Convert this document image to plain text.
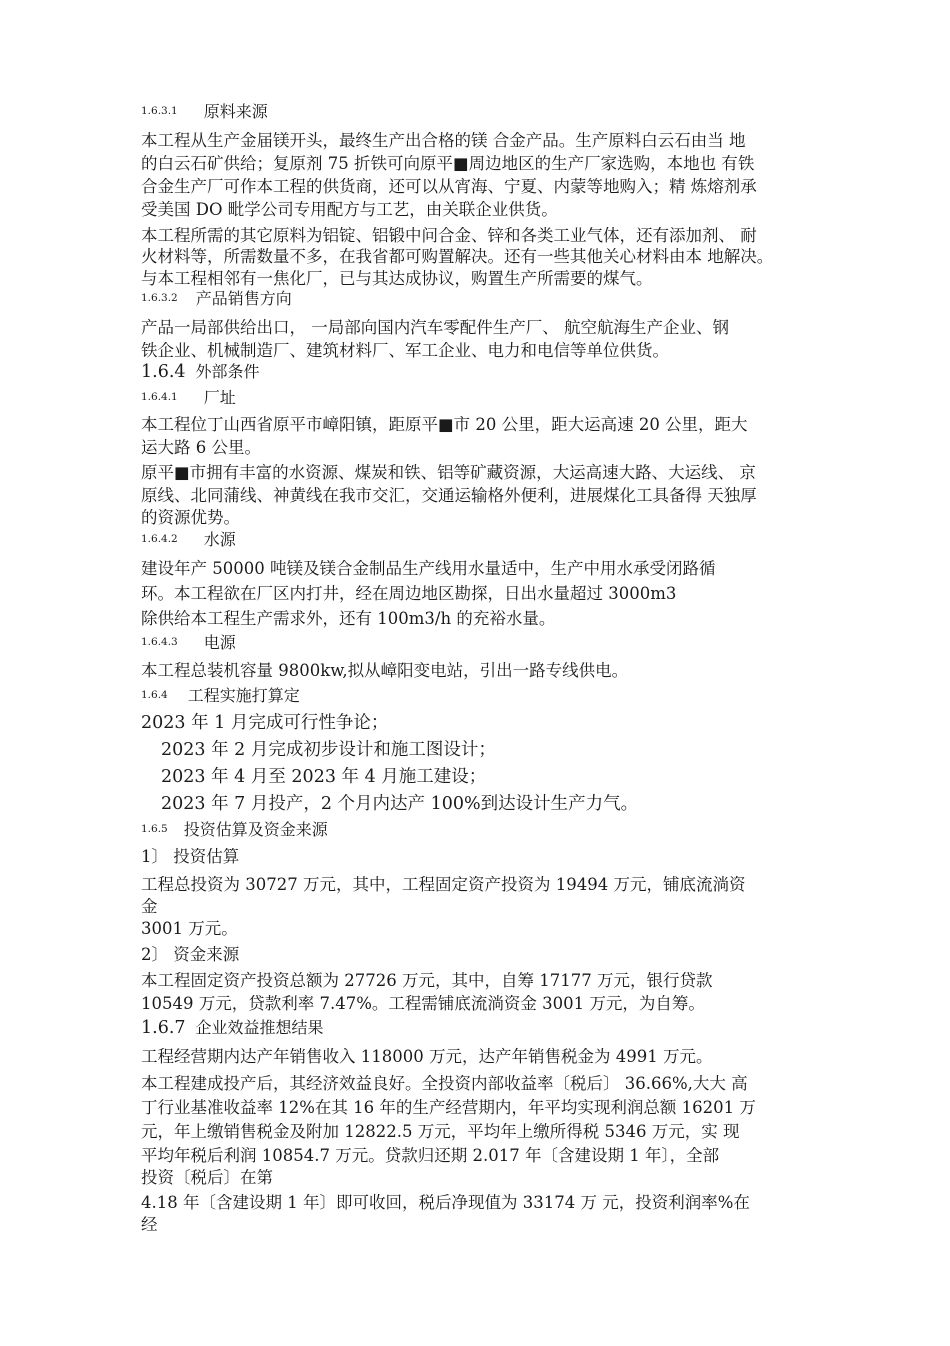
1.6.3.1 原料来源
本工程从生产金届镁开头，最终生产出合格的镁 合金产品。生产原料白云石由当 地
的白云石矿供给；复原剂 75 折铁可向原平■周边地区的生产厂家选购，本地也 有铁
合金生产厂可作本工程的供货商，还可以从宵海、宁夏、内蒙等地购入；精 炼熔剂承
受美国 DO 毗学公司专用配方与工艺，由关联企业供货。
本工程所需的其它原料为铝锭、铝锻中问合金、锌和各类工业气体，还有添加剂、 耐
火材料等，所需数量不多，在我省都可购置解决。还有一些其他关心材料由本 地解决。
与本工程相邻有一焦化厂，已与其达成协议，购置生产所需要的煤气。
1.6.3.2 产品销售方向
产品一局部供给出口， 一局部向国内汽车零配件生产厂、 航空航海生产企业、钢
铁企业、机械制造厂、建筑材料厂、军工企业、电力和电信等单位供货。
1.6.4 外部条件
1.6.4.1 厂址
本工程位丁山西省原平市嶂阳镇，距原平■市 20 公里，距大运高速 20 公里，距大
运大路 6 公里。
原平■市拥有丰富的水资源、煤炭和铁、铝等矿藏资源，大运高速大路、大运线、 京
原线、北同蒲线、神黄线在我市交汇，交通运输格外便利，进展煤化工具备得 天独厚
的资源优势。
1.6.4.2 水源
建设年产 50000 吨镁及镁合金制品生产线用水量适中，生产中用水承受闭路循
环。本工程欲在厂区内打井，经在周边地区勘探，日出水量超过 3000m3
除供给本工程生产需求外，还有 100m3/h 的充裕水量。
1.6.4.3 电源
本工程总装机容量 9800kw,拟从嶂阳变电站，引出一路专线供电。
1.6.4 工程实施打算定
2023 年 1 月完成可行性争论；
2023 年 2 月完成初步设计和施工图设计；
2023 年 4 月至 2023 年 4 月施工建设；
2023 年 7 月投产，2 个月内达产 100%到达设计生产力气。
1.6.5 投资估算及资金来源
1〕 投资估算
工程总投资为 30727 万元，其中，工程固定资产投资为 19494 万元，铺底流淌资
金
3001 万元。
2〕 资金来源
本工程固定资产投资总额为 27726 万元，其中，自筹 17177 万元，银行贷款
10549 万元，贷款利率 7.47%。工程需铺底流淌资金 3001 万元，为自筹。
1.6.7 企业效益推想结果
工程经营期内达产年销售收入 118000 万元，达产年销售税金为 4991 万元。
本工程建成投产后，其经济效益良好。全投资内部收益率〔税后〕 36.66%,大大 高
丁行业基准收益率 12%在其 16 年的生产经营期内，年平均实现利润总额 16201 万
元，年上缴销售税金及附加 12822.5 万元，平均年上缴所得税 5346 万元，实 现
平均年税后利润 10854.7 万元。贷款归还期 2.017 年〔含建设期 1 年〕，全部
投资〔税后〕在第
4.18 年〔含建设期 1 年〕即可收回，税后净现值为 33174 万 元，投资利润率%在
经
